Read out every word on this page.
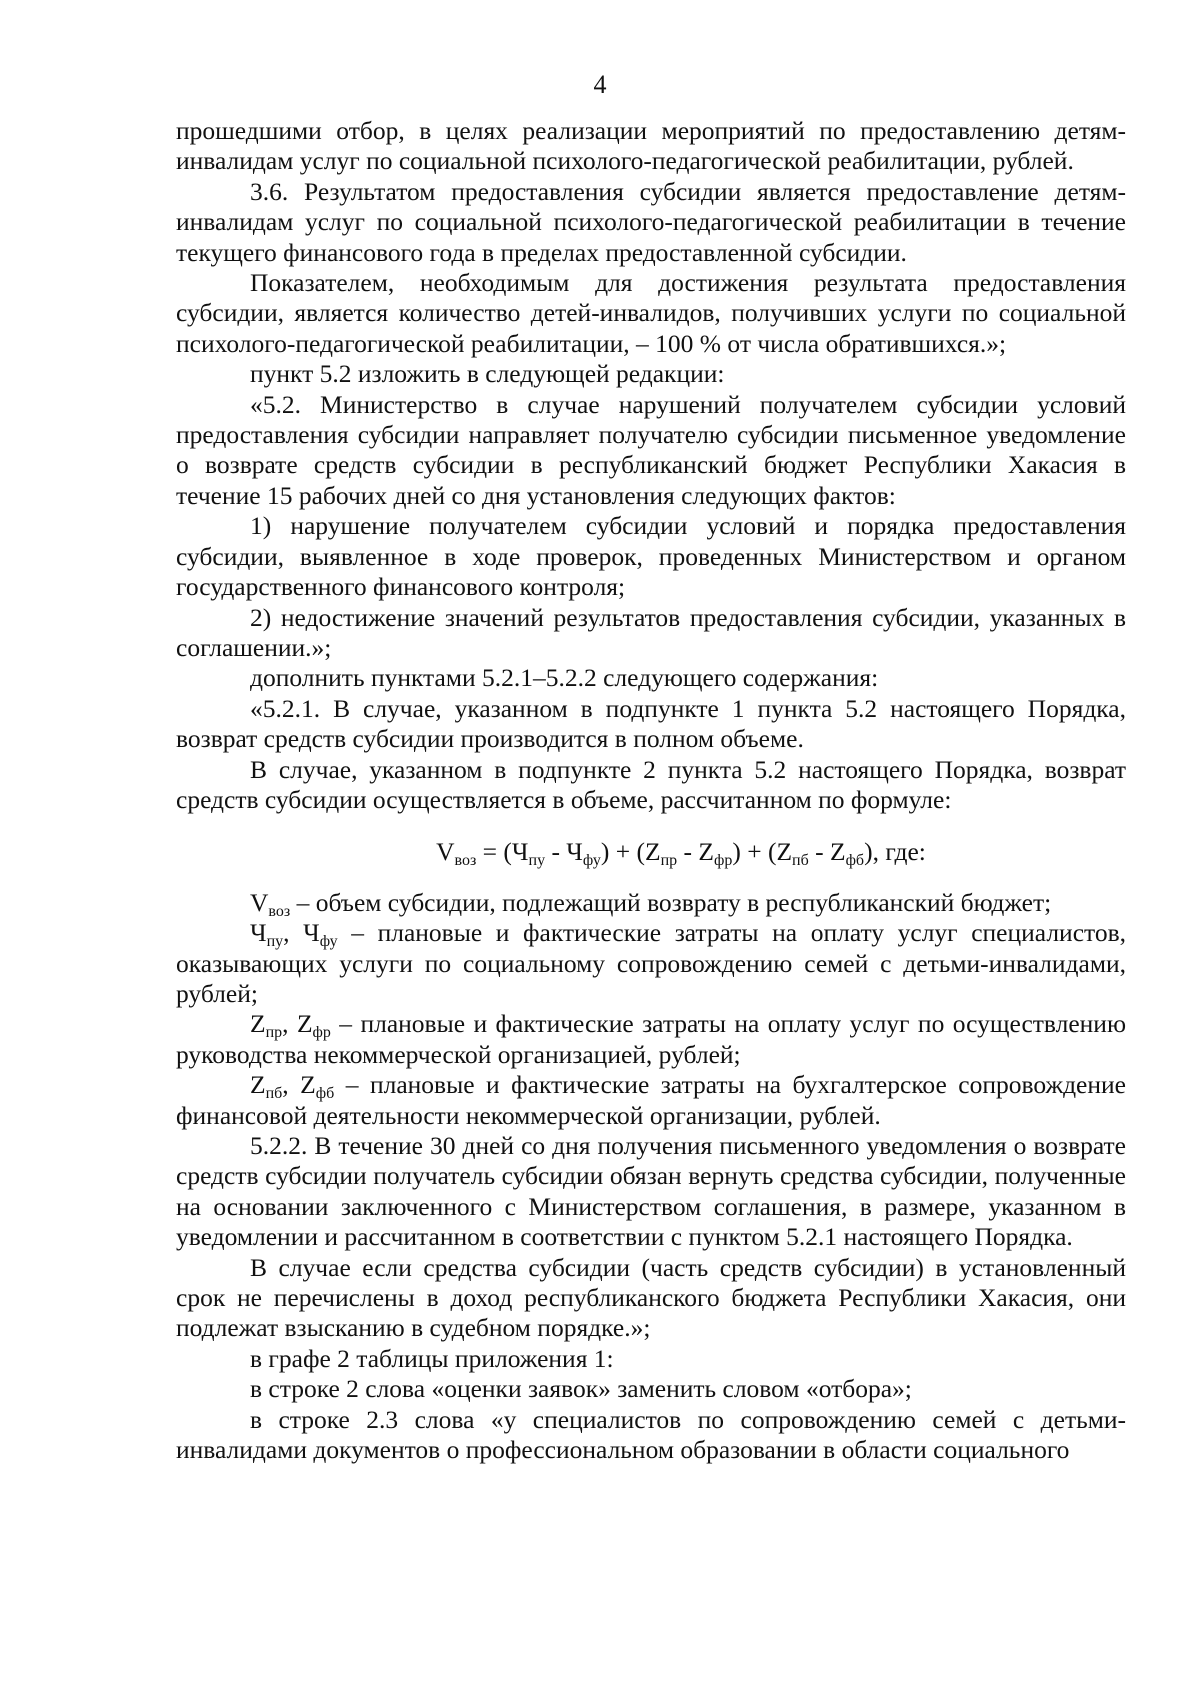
4

прошедшими отбор, в целях реализации мероприятий по предоставлению детям-инвалидам услуг по социальной психолого-педагогической реабилитации, рублей.

3.6. Результатом предоставления субсидии является предоставление детям-инвалидам услуг по социальной психолого-педагогической реабилитации в течение текущего финансового года в пределах предоставленной субсидии.

Показателем, необходимым для достижения результата предоставления субсидии, является количество детей-инвалидов, получивших услуги по социальной психолого-педагогической реабилитации, – 100 % от числа обратившихся.»;

пункт 5.2 изложить в следующей редакции:

«5.2. Министерство в случае нарушений получателем субсидии условий предоставления субсидии направляет получателю субсидии письменное уведомление о возврате средств субсидии в республиканский бюджет Республики Хакасия в течение 15 рабочих дней со дня установления следующих фактов:

1) нарушение получателем субсидии условий и порядка предоставления субсидии, выявленное в ходе проверок, проведенных Министерством и органом государственного финансового контроля;

2) недостижение значений результатов предоставления субсидии, указанных в соглашении.»;

дополнить пунктами 5.2.1–5.2.2 следующего содержания:

«5.2.1. В случае, указанном в подпункте 1 пункта 5.2 настоящего Порядка, возврат средств субсидии производится в полном объеме.

В случае, указанном в подпункте 2 пункта 5.2 настоящего Порядка, возврат средств субсидии осуществляется в объеме, рассчитанном по формуле:

$V_{воз} = (Ч_{пу} - Ч_{фу}) + (Z_{пр} - Z_{фр}) + (Z_{пб} - Z_{фб})$, где:

$V_{воз}$ – объем субсидии, подлежащий возврату в республиканский бюджет;

$Ч_{пу}$, $Ч_{фу}$ – плановые и фактические затраты на оплату услуг специалистов, оказывающих услуги по социальному сопровождению семей с детьми-инвалидами, рублей;

$Z_{пр}$, $Z_{фр}$ – плановые и фактические затраты на оплату услуг по осуществлению руководства некоммерческой организацией, рублей;

$Z_{пб}$, $Z_{фб}$ – плановые и фактические затраты на бухгалтерское сопровождение финансовой деятельности некоммерческой организации, рублей.

5.2.2. В течение 30 дней со дня получения письменного уведомления о возврате средств субсидии получатель субсидии обязан вернуть средства субсидии, полученные на основании заключенного с Министерством соглашения, в размере, указанном в уведомлении и рассчитанном в соответствии с пунктом 5.2.1 настоящего Порядка.

В случае если средства субсидии (часть средств субсидии) в установленный срок не перечислены в доход республиканского бюджета Республики Хакасия, они подлежат взысканию в судебном порядке.»;

в графе 2 таблицы приложения 1:

в строке 2 слова «оценки заявок» заменить словом «отбора»;

в строке 2.3 слова «у специалистов по сопровождению семей с детьми-инвалидами документов о профессиональном образовании в области социального
